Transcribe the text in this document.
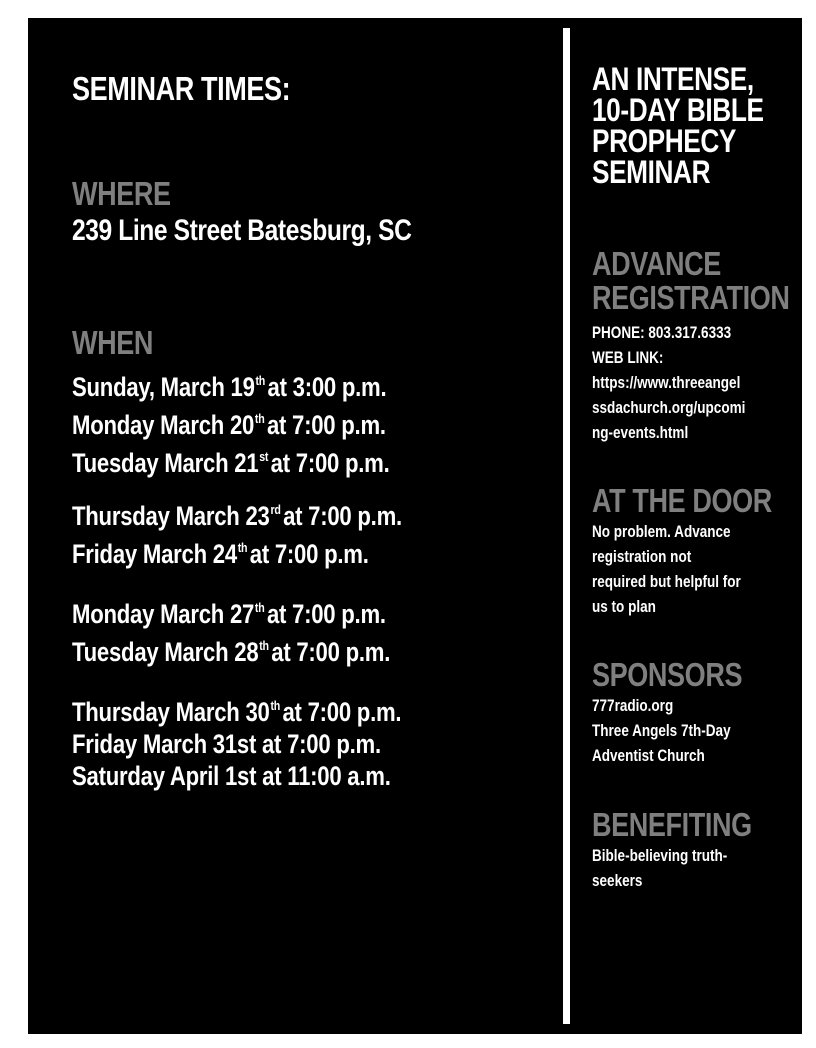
SEMINAR TIMES:
WHERE
239 Line Street Batesburg, SC
WHEN
Sunday, March 19that 3:00 p.m.
Monday March 20that 7:00 p.m.
Tuesday March 21stat 7:00 p.m.
Thursday March 23rdat 7:00 p.m.
Friday March 24that 7:00 p.m.
Monday March 27that 7:00 p.m.
Tuesday March 28that 7:00 p.m.
Thursday March 30that 7:00 p.m.
Friday March 31st at 7:00 p.m.
Saturday April 1st at 11:00 a.m.
AN INTENSE,
10-DAY BIBLE
PROPHECY
SEMINAR
ADVANCE
REGISTRATION
PHONE: 803.317.6333
WEB LINK:
https://www.threeangel
ssdachurch.org/upcomi
ng-events.html
AT THE DOOR
No problem. Advance
registration not
required but helpful for
us to plan
SPONSORS
777radio.org
Three Angels 7th-Day
Adventist Church
BENEFITING
Bible-believing truth-
seekers
